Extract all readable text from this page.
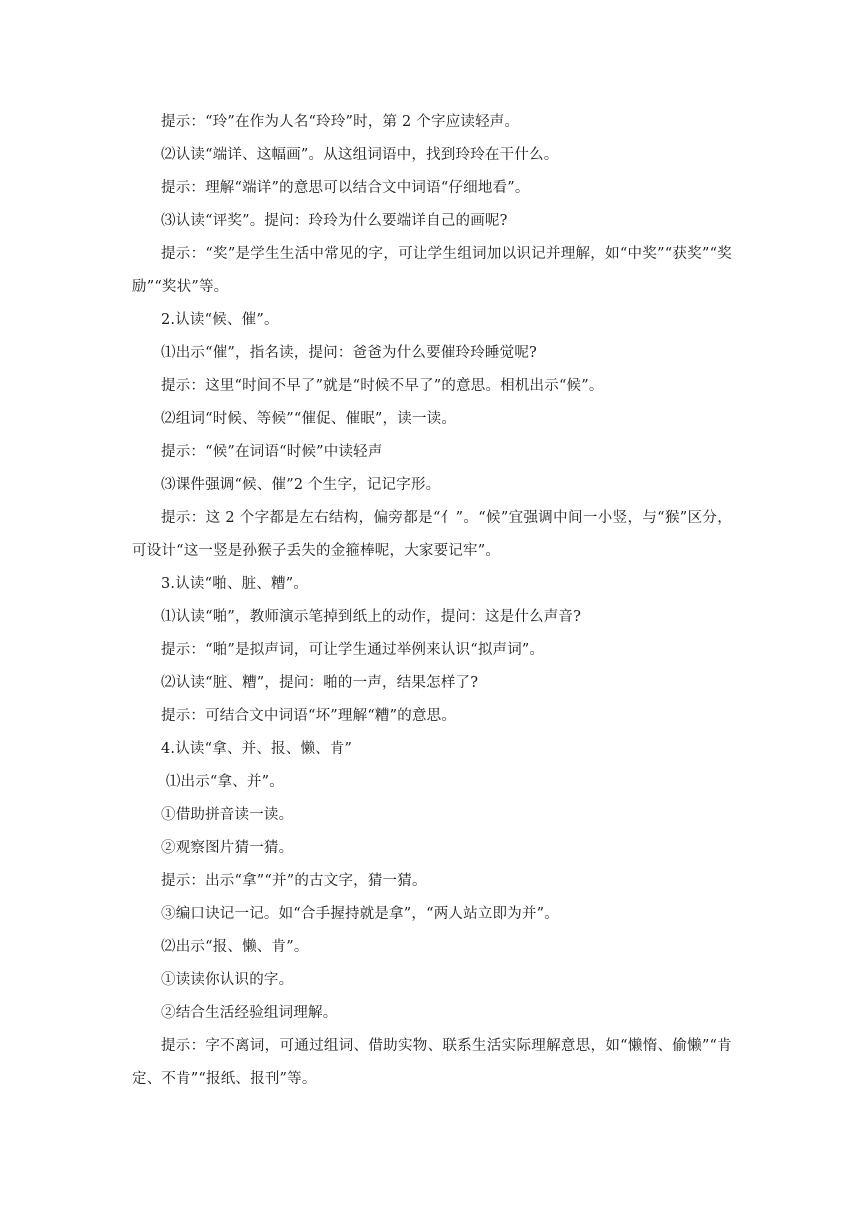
提示：“玲”在作为人名“玲玲”时，第 2 个字应读轻声。

⑵认读“端详、这幅画”。从这组词语中，找到玲玲在干什么。

提示：理解“端详”的意思可以结合文中词语“仔细地看”。

⑶认读“评奖”。提问：玲玲为什么要端详自己的画呢?

提示：“奖”是学生生活中常见的字，可让学生组词加以识记并理解，如“中奖”“获奖”“奖励”“奖状”等。

2.认读“候、催”。

⑴出示“催”，指名读，提问：爸爸为什么要催玲玲睡觉呢?

提示：这里“时间不早了”就是“时候不早了”的意思。相机出示“候”。

⑵组词“时候、等候”“催促、催眠”，读一读。

提示：“候”在词语“时候”中读轻声

⑶课件强调“候、催”2 个生字，记记字形。

提示：这 2 个字都是左右结构，偏旁都是“亻”。“候”宜强调中间一小竖，与“猴”区分，可设计“这一竖是孙猴子丢失的金箍棒呢，大家要记牢”。

3.认读“啪、脏、糟”。

⑴认读“啪”，教师演示笔掉到纸上的动作，提问：这是什么声音?

提示：“啪”是拟声词，可让学生通过举例来认识“拟声词”。

⑵认读“脏、糟”，提问：啪的一声，结果怎样了?

提示：可结合文中词语“坏”理解“糟”的意思。

4.认读“拿、并、报、懒、肯”

⑴出示“拿、并”。

①借助拼音读一读。

②观察图片猜一猜。

提示：出示“拿”“并”的古文字，猜一猜。

③编口诀记一记。如“合手握持就是拿”，“两人站立即为并”。

⑵出示“报、懒、肯”。

①读读你认识的字。

②结合生活经验组词理解。

提示：字不离词，可通过组词、借助实物、联系生活实际理解意思，如“懒惰、偷懒”“肯定、不肯”“报纸、报刊”等。
